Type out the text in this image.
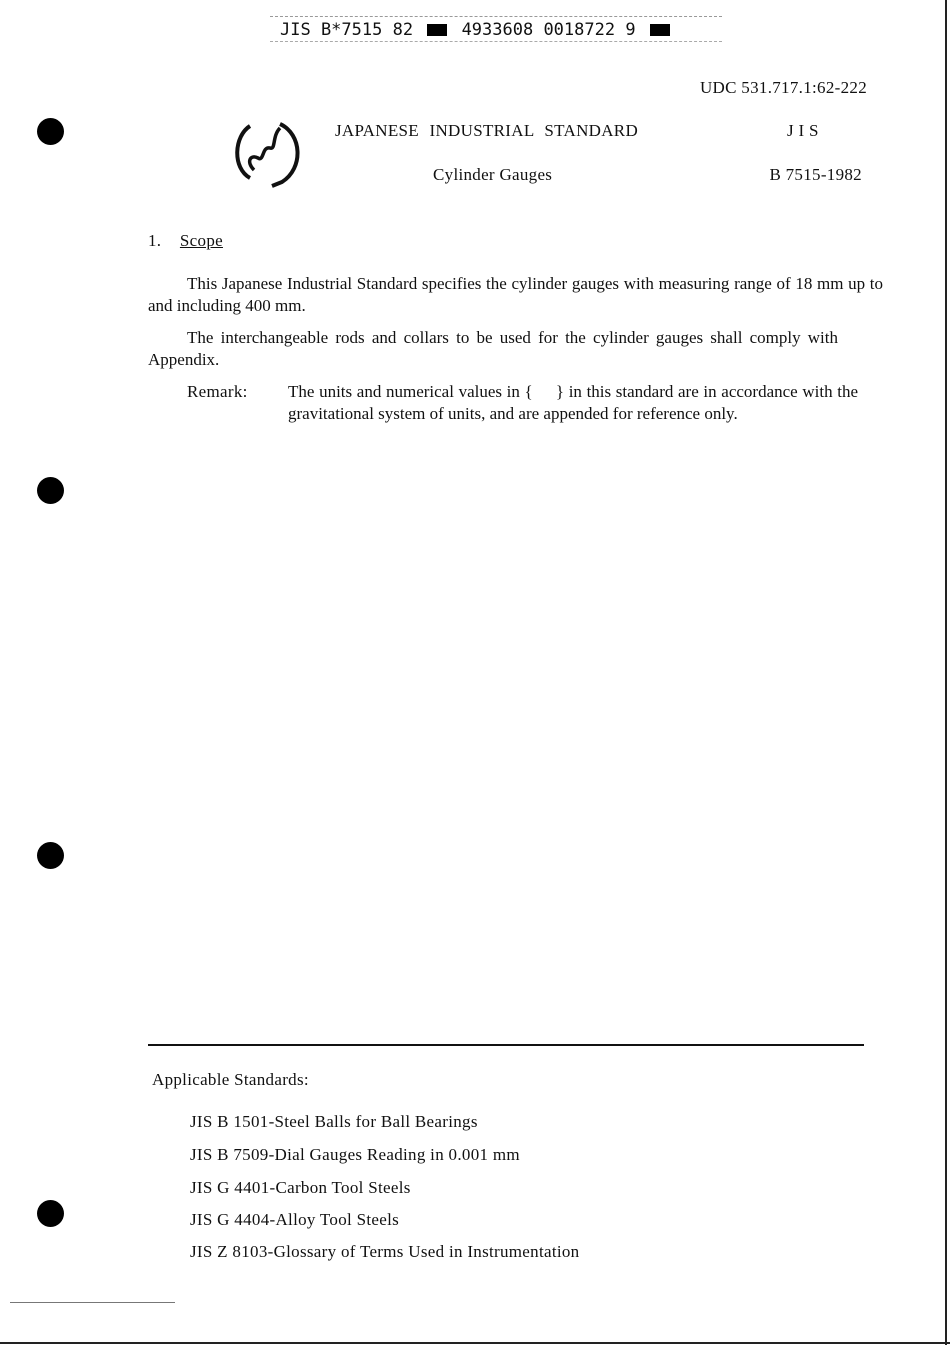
JIS B*7515 82	4933608 0018722 9
UDC 531.717.1:62-222
JAPANESE INDUSTRIAL STANDARD	J I S
Cylinder Gauges	B 7515-1982
1. Scope
This Japanese Industrial Standard specifies the cylinder gauges with measuring range of 18 mm up to and including 400 mm.
The interchangeable rods and collars to be used for the cylinder gauges shall comply with Appendix.
Remark: The units and numerical values in {     } in this standard are in accordance with the gravitational system of units, and are appended for reference only.
Applicable Standards:
JIS B 1501-Steel Balls for Ball Bearings
JIS B 7509-Dial Gauges Reading in 0.001 mm
JIS G 4401-Carbon Tool Steels
JIS G 4404-Alloy Tool Steels
JIS Z 8103-Glossary of Terms Used in Instrumentation
